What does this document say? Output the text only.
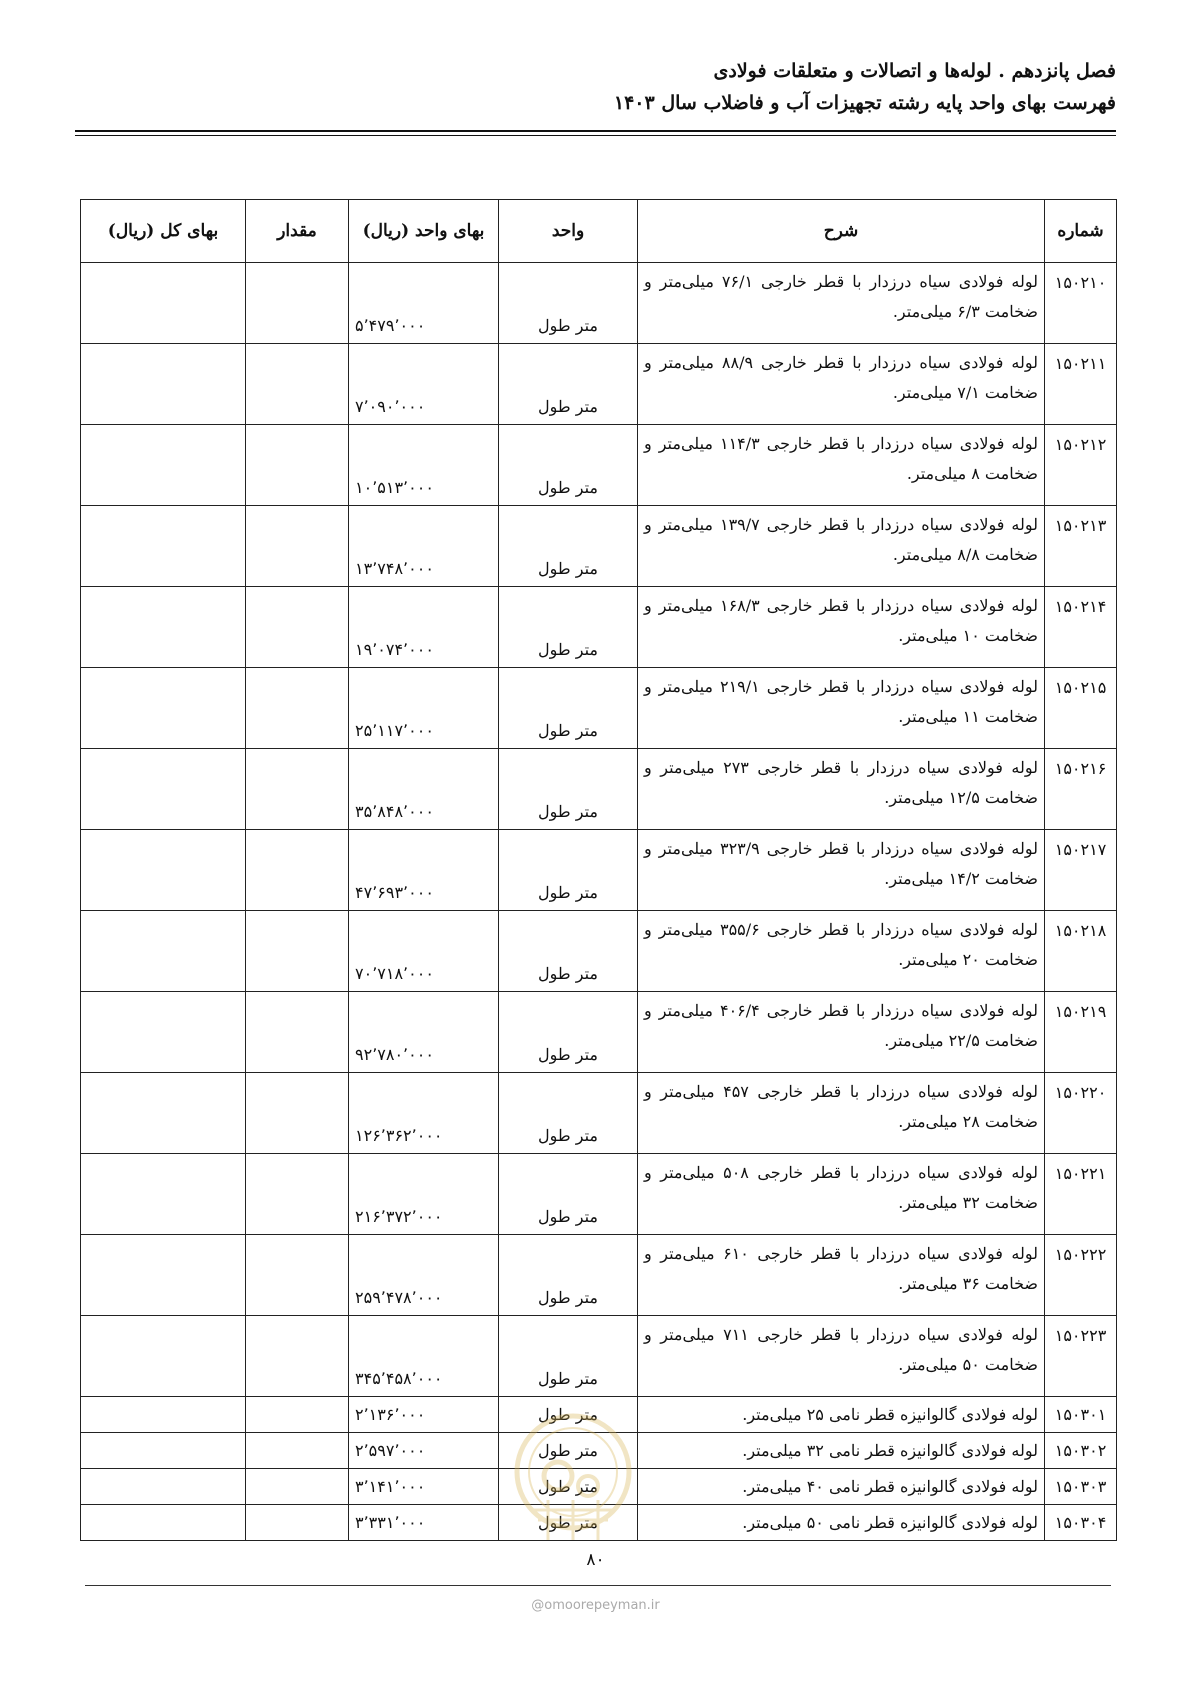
فصل پانزدهم . لوله‌ها و اتصالات و متعلقات فولادی
فهرست بهای واحد پایه رشته تجهیزات آب و فاضلاب سال ۱۴۰۳
شماره	شرح	واحد	بهای واحد (ریال)	مقدار	بهای کل (ریال)
۱۵۰۲۱۰	لوله فولادی سیاه درزدار با قطر خارجی ۷۶/۱ میلی‌متر و ضخامت ۶/۳ میلی‌متر.	متر طول	۵٬۴۷۹٬۰۰۰		
۱۵۰۲۱۱	لوله فولادی سیاه درزدار با قطر خارجی ۸۸/۹ میلی‌متر و ضخامت ۷/۱ میلی‌متر.	متر طول	۷٬۰۹۰٬۰۰۰		
۱۵۰۲۱۲	لوله فولادی سیاه درزدار با قطر خارجی ۱۱۴/۳ میلی‌متر و ضخامت ۸ میلی‌متر.	متر طول	۱۰٬۵۱۳٬۰۰۰		
۱۵۰۲۱۳	لوله فولادی سیاه درزدار با قطر خارجی ۱۳۹/۷ میلی‌متر و ضخامت ۸/۸ میلی‌متر.	متر طول	۱۳٬۷۴۸٬۰۰۰		
۱۵۰۲۱۴	لوله فولادی سیاه درزدار با قطر خارجی ۱۶۸/۳ میلی‌متر و ضخامت ۱۰ میلی‌متر.	متر طول	۱۹٬۰۷۴٬۰۰۰		
۱۵۰۲۱۵	لوله فولادی سیاه درزدار با قطر خارجی ۲۱۹/۱ میلی‌متر و ضخامت ۱۱ میلی‌متر.	متر طول	۲۵٬۱۱۷٬۰۰۰		
۱۵۰۲۱۶	لوله فولادی سیاه درزدار با قطر خارجی ۲۷۳ میلی‌متر و ضخامت ۱۲/۵ میلی‌متر.	متر طول	۳۵٬۸۴۸٬۰۰۰		
۱۵۰۲۱۷	لوله فولادی سیاه درزدار با قطر خارجی ۳۲۳/۹ میلی‌متر و ضخامت ۱۴/۲ میلی‌متر.	متر طول	۴۷٬۶۹۳٬۰۰۰		
۱۵۰۲۱۸	لوله فولادی سیاه درزدار با قطر خارجی ۳۵۵/۶ میلی‌متر و ضخامت ۲۰ میلی‌متر.	متر طول	۷۰٬۷۱۸٬۰۰۰		
۱۵۰۲۱۹	لوله فولادی سیاه درزدار با قطر خارجی ۴۰۶/۴ میلی‌متر و ضخامت ۲۲/۵ میلی‌متر.	متر طول	۹۲٬۷۸۰٬۰۰۰		
۱۵۰۲۲۰	لوله فولادی سیاه درزدار با قطر خارجی ۴۵۷ میلی‌متر و ضخامت ۲۸ میلی‌متر.	متر طول	۱۲۶٬۳۶۲٬۰۰۰		
۱۵۰۲۲۱	لوله فولادی سیاه درزدار با قطر خارجی ۵۰۸ میلی‌متر و ضخامت ۳۲ میلی‌متر.	متر طول	۲۱۶٬۳۷۲٬۰۰۰		
۱۵۰۲۲۲	لوله فولادی سیاه درزدار با قطر خارجی ۶۱۰ میلی‌متر و ضخامت ۳۶ میلی‌متر.	متر طول	۲۵۹٬۴۷۸٬۰۰۰		
۱۵۰۲۲۳	لوله فولادی سیاه درزدار با قطر خارجی ۷۱۱ میلی‌متر و ضخامت ۵۰ میلی‌متر.	متر طول	۳۴۵٬۴۵۸٬۰۰۰		
۱۵۰۳۰۱	لوله فولادی گالوانیزه قطر نامی ۲۵ میلی‌متر.	متر طول	۲٬۱۳۶٬۰۰۰		
۱۵۰۳۰۲	لوله فولادی گالوانیزه قطر نامی ۳۲ میلی‌متر.	متر طول	۲٬۵۹۷٬۰۰۰		
۱۵۰۳۰۳	لوله فولادی گالوانیزه قطر نامی ۴۰ میلی‌متر.	متر طول	۳٬۱۴۱٬۰۰۰		
۱۵۰۳۰۴	لوله فولادی گالوانیزه قطر نامی ۵۰ میلی‌متر.	متر طول	۳٬۳۳۱٬۰۰۰		
۸۰
@omoorepeyman.ir
